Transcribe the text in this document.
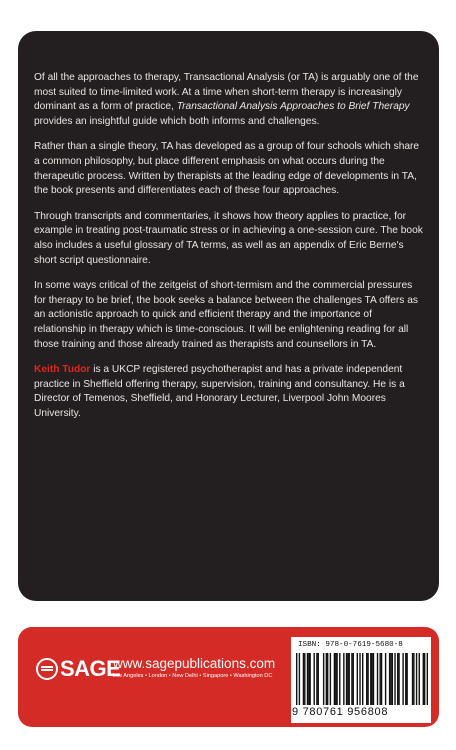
Of all the approaches to therapy, Transactional Analysis (or TA) is arguably one of the most suited to time-limited work. At a time when short-term therapy is increasingly dominant as a form of practice, Transactional Analysis Approaches to Brief Therapy provides an insightful guide which both informs and challenges.

Rather than a single theory, TA has developed as a group of four schools which share a common philosophy, but place different emphasis on what occurs during the therapeutic process. Written by therapists at the leading edge of developments in TA, the book presents and differentiates each of these four approaches.

Through transcripts and commentaries, it shows how theory applies to practice, for example in treating post-traumatic stress or in achieving a one-session cure. The book also includes a useful glossary of TA terms, as well as an appendix of Eric Berne's short script questionnaire.

In some ways critical of the zeitgeist of short-termism and the commercial pressures for therapy to be brief, the book seeks a balance between the challenges TA offers as an actionistic approach to quick and efficient therapy and the importance of relationship in therapy which is time-conscious. It will be enlightening reading for all those training and those already trained as therapists and counsellors in TA.

Keith Tudor is a UKCP registered psychotherapist and has a private independent practice in Sheffield offering therapy, supervision, training and consultancy. He is a Director of Temenos, Sheffield, and Honorary Lecturer, Liverpool John Moores University.

SAGE
www.sagepublications.com
Los Angeles • London • New Delhi • Singapore • Washington DC
ISBN: 978-0-7619-5680-8
9 780761 956808
